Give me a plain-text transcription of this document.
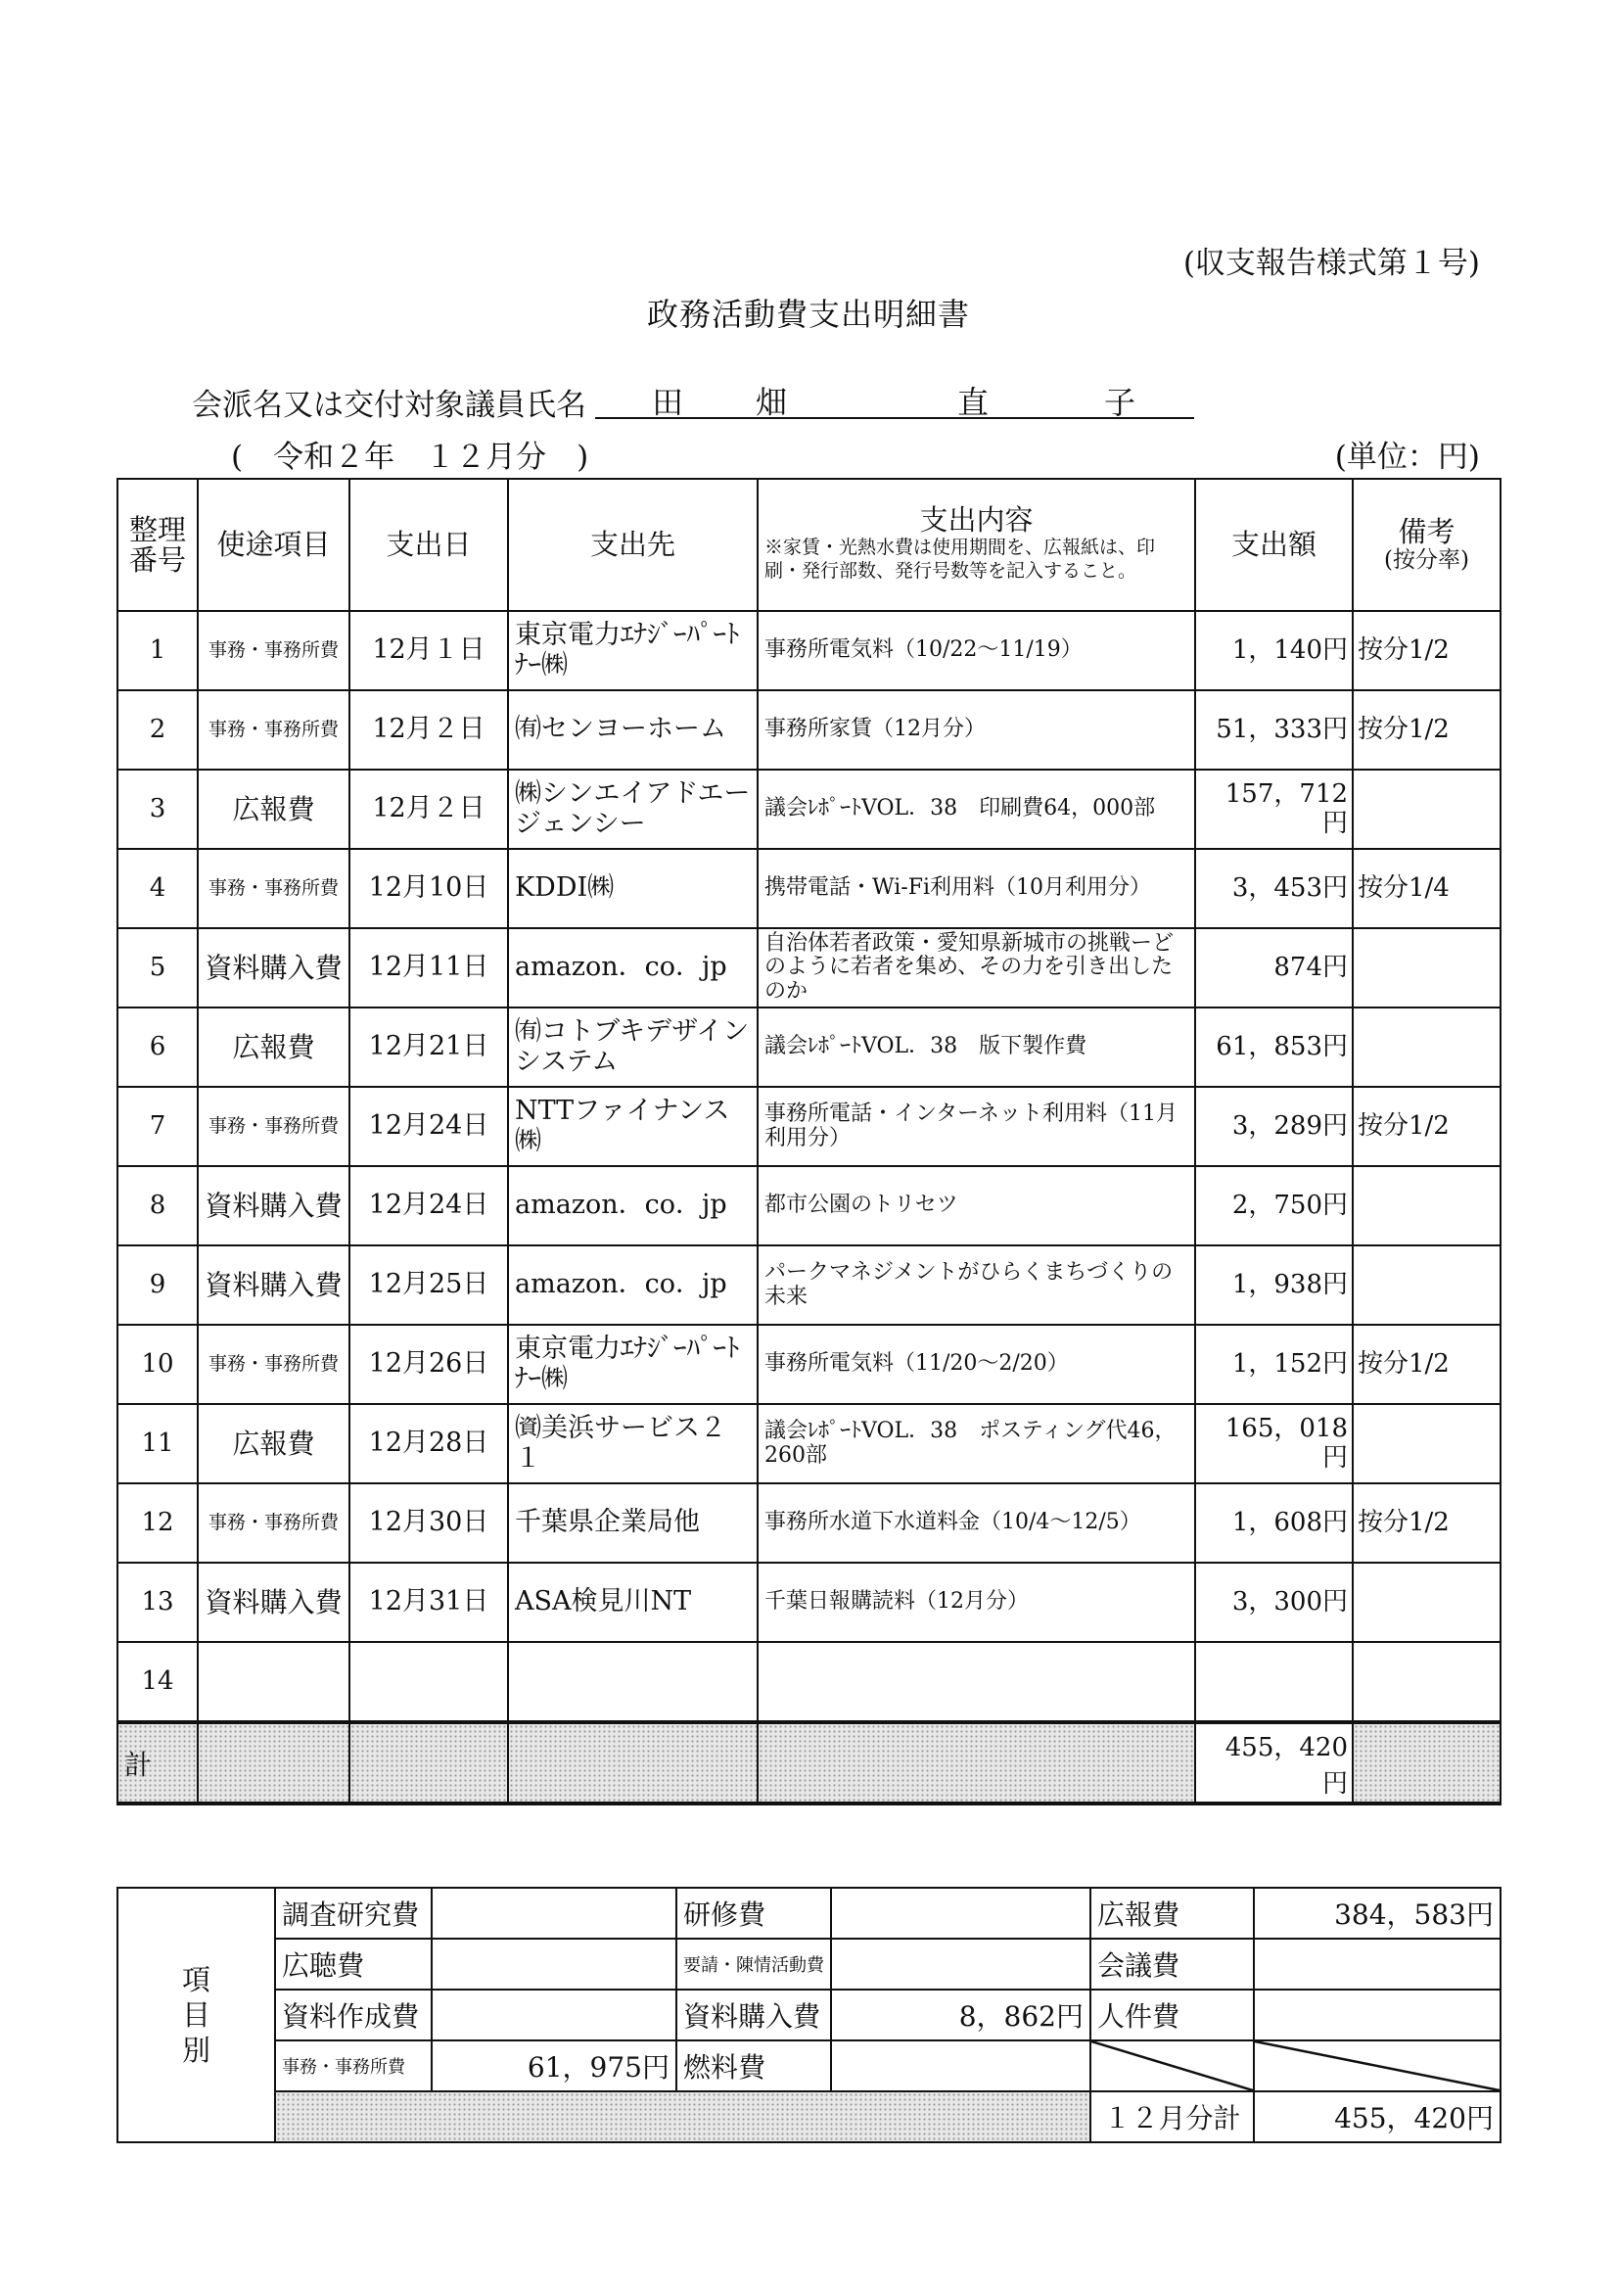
(収支報告様式第１号)
政務活動費支出明細書
会派名又は交付対象議員氏名 田 畑	直	子
(　令和２年　１２月分　)	(単位：円)
整理番号	使途項目	支出日	支出先	支出内容
※家賃・光熱水費は使用期間を、広報紙は、印刷・発行部数、発行号数等を記入すること。	支出額	備考
(按分率)

1	事務・事務所費	12月１日	東京電力ｴﾅｼﾞｰﾊﾟｰﾄﾅｰ㈱	事務所電気料（10/22～11/19）	1，140円	按分1/2
2	事務・事務所費	12月２日	㈲センヨーホーム	事務所家賃（12月分）	51，333円	按分1/2
3	広報費	12月２日	㈱シンエイアドエージェンシー	議会ﾚﾎﾟｰﾄVOL．38　印刷費64，000部	157，712円	
4	事務・事務所費	12月10日	KDDI㈱	携帯電話・Wi-Fi利用料（10月利用分）	3，453円	按分1/4
5	資料購入費	12月11日	amazon．co．jp	自治体若者政策・愛知県新城市の挑戦ーどのように若者を集め、その力を引き出したのか	874円	
6	広報費	12月21日	㈲コトブキデザインシステム	議会ﾚﾎﾟｰﾄVOL．38　版下製作費	61，853円	
7	事務・事務所費	12月24日	NTTファイナンス㈱	事務所電話・インターネット利用料（11月利用分）	3，289円	按分1/2
8	資料購入費	12月24日	amazon．co．jp	都市公園のトリセツ	2，750円	
9	資料購入費	12月25日	amazon．co．jp	パークマネジメントがひらくまちづくりの未来	1，938円	
10	事務・事務所費	12月26日	東京電力ｴﾅｼﾞｰﾊﾟｰﾄﾅｰ㈱	事務所電気料（11/20～2/20）	1，152円	按分1/2
11	広報費	12月28日	㈾美浜サービス２１	議会ﾚﾎﾟｰﾄVOL．38　ポスティング代46，260部	165，018円	
12	事務・事務所費	12月30日	千葉県企業局他	事務所水道下水道料金（10/4～12/5）	1，608円	按分1/2
13	資料購入費	12月31日	ASA検見川NT	千葉日報購読料（12月分）	3，300円	
14						
計					455，420円	
項
目
別	調査研究費		研修費		広報費	384，583円
	広聴費		要請・陳情活動費		会議費	
	資料作成費		資料購入費	8，862円	人件費	
	事務・事務所費	61，975円	燃料費			
					１２月分計	455，420円
